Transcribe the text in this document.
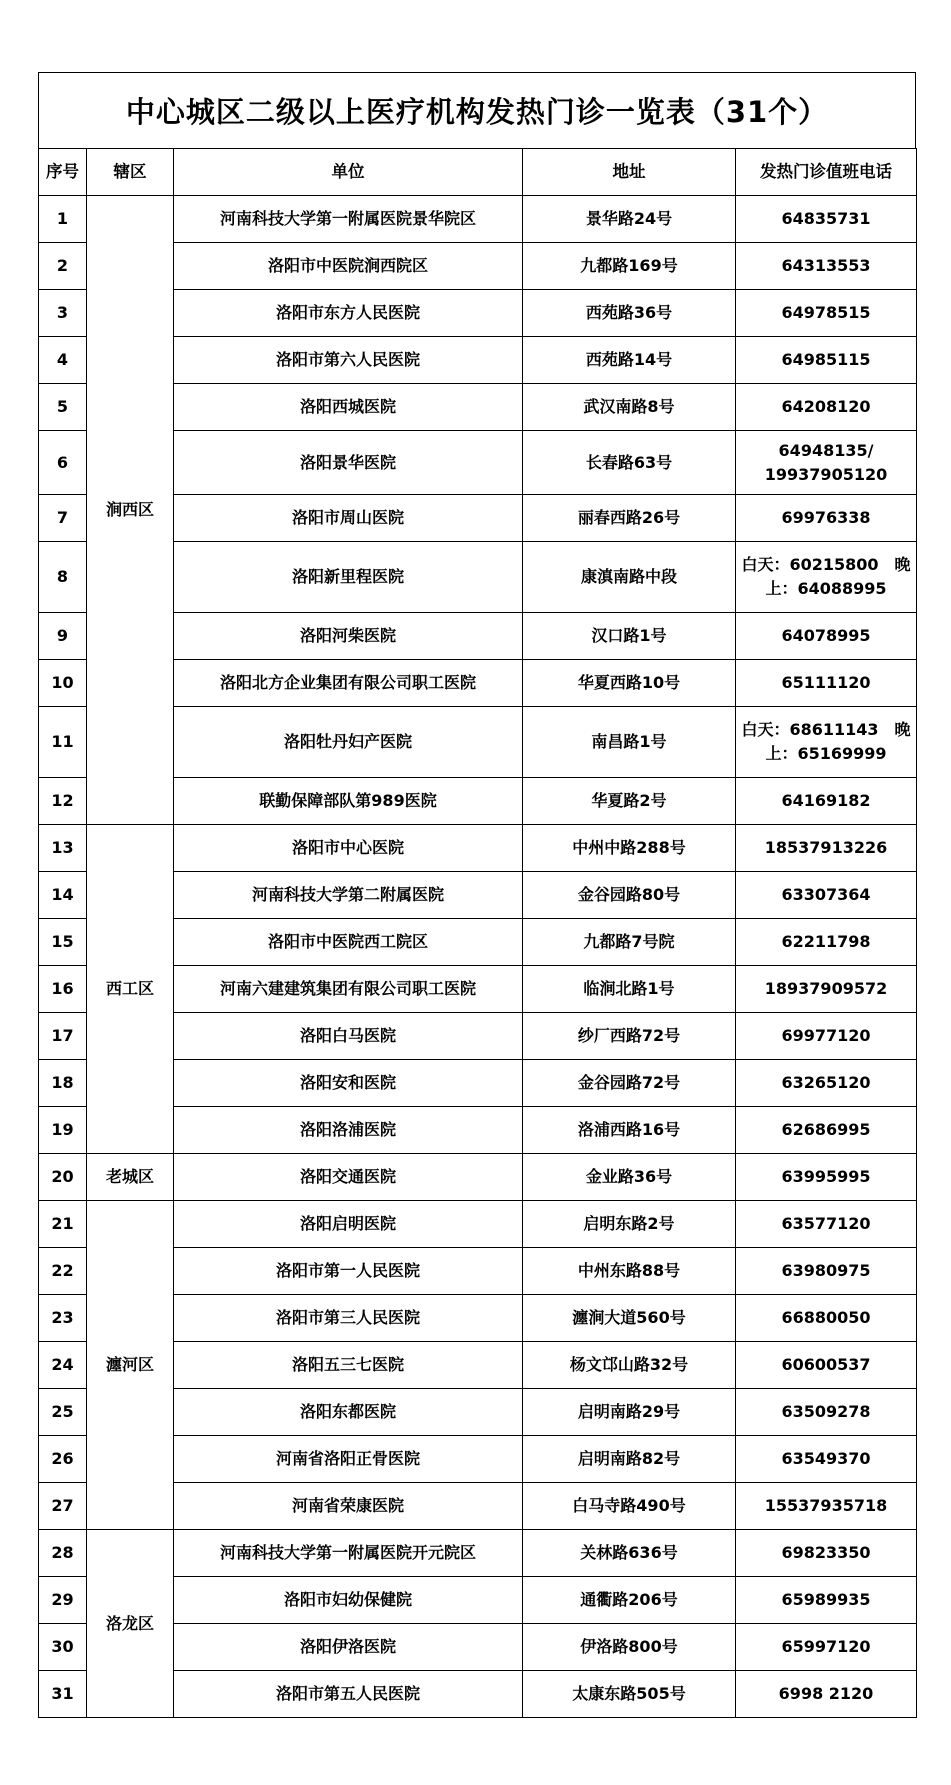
中心城区二级以上医疗机构发热门诊一览表（31个）
序号	辖区	单位	地址	发热门诊值班电话
1	涧西区	河南科技大学第一附属医院景华院区	景华路24号	64835731
2		洛阳市中医院涧西院区	九都路169号	64313553
3		洛阳市东方人民医院	西苑路36号	64978515
4		洛阳市第六人民医院	西苑路14号	64985115
5		洛阳西城医院	武汉南路8号	64208120
6		洛阳景华医院	长春路63号	64948135/ 19937905120
7		洛阳市周山医院	丽春西路26号	69976338
8		洛阳新里程医院	康滇南路中段	白天：60215800　晚上：64088995
9		洛阳河柴医院	汉口路1号	64078995
10		洛阳北方企业集团有限公司职工医院	华夏西路10号	65111120
11		洛阳牡丹妇产医院	南昌路1号	白天：68611143　晚上：65169999
12		联勤保障部队第989医院	华夏路2号	64169182
13	西工区	洛阳市中心医院	中州中路288号	18537913226
14		河南科技大学第二附属医院	金谷园路80号	63307364
15		洛阳市中医院西工院区	九都路7号院	62211798
16		河南六建建筑集团有限公司职工医院	临涧北路1号	18937909572
17		洛阳白马医院	纱厂西路72号	69977120
18		洛阳安和医院	金谷园路72号	63265120
19		洛阳洛浦医院	洛浦西路16号	62686995
20	老城区	洛阳交通医院	金业路36号	63995995
21	瀍河区	洛阳启明医院	启明东路2号	63577120
22		洛阳市第一人民医院	中州东路88号	63980975
23		洛阳市第三人民医院	瀍涧大道560号	66880050
24		洛阳五三七医院	杨文邙山路32号	60600537
25		洛阳东都医院	启明南路29号	63509278
26		河南省洛阳正骨医院	启明南路82号	63549370
27		河南省荣康医院	白马寺路490号	15537935718
28	洛龙区	河南科技大学第一附属医院开元院区	关林路636号	69823350
29		洛阳市妇幼保健院	通衢路206号	65989935
30		洛阳伊洛医院	伊洛路800号	65997120
31		洛阳市第五人民医院	太康东路505号	6998 2120
